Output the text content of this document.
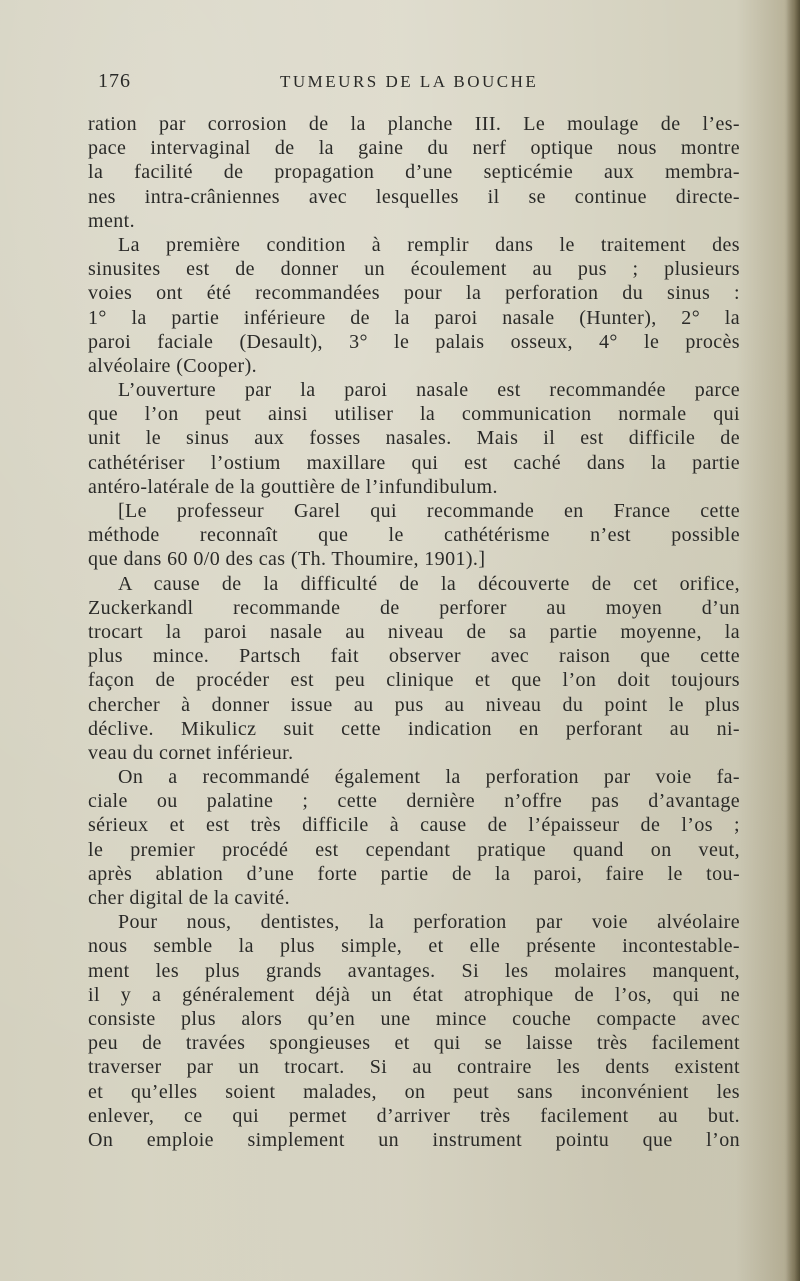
176	TUMEURS DE LA BOUCHE
ration par corrosion de la planche III. Le moulage de l’es-
pace intervaginal de la gaine du nerf optique nous montre
la facilité de propagation d’une septicémie aux membra-
nes intra-crâniennes avec lesquelles il se continue directe-
ment.
La première condition à remplir dans le traitement des
sinusites est de donner un écoulement au pus ; plusieurs
voies ont été recommandées pour la perforation du sinus :
1° la partie inférieure de la paroi nasale (Hunter), 2° la
paroi faciale (Desault), 3° le palais osseux, 4° le procès
alvéolaire (Cooper).
L’ouverture par la paroi nasale est recommandée parce
que l’on peut ainsi utiliser la communication normale qui
unit le sinus aux fosses nasales. Mais il est difficile de
cathétériser l’ostium maxillare qui est caché dans la partie
antéro-latérale de la gouttière de l’infundibulum.
[Le professeur Garel qui recommande en France cette
méthode reconnaît que le cathétérisme n’est possible
que dans 60 0/0 des cas (Th. Thoumire, 1901).]
A cause de la difficulté de la découverte de cet orifice,
Zuckerkandl recommande de perforer au moyen d’un
trocart la paroi nasale au niveau de sa partie moyenne, la
plus mince. Partsch fait observer avec raison que cette
façon de procéder est peu clinique et que l’on doit toujours
chercher à donner issue au pus au niveau du point le plus
déclive. Mikulicz suit cette indication en perforant au ni-
veau du cornet inférieur.
On a recommandé également la perforation par voie fa-
ciale ou palatine ; cette dernière n’offre pas d’avantage
sérieux et est très difficile à cause de l’épaisseur de l’os ;
le premier procédé est cependant pratique quand on veut,
après ablation d’une forte partie de la paroi, faire le tou-
cher digital de la cavité.
Pour nous, dentistes, la perforation par voie alvéolaire
nous semble la plus simple, et elle présente incontestable-
ment les plus grands avantages. Si les molaires manquent,
il y a généralement déjà un état atrophique de l’os, qui ne
consiste plus alors qu’en une mince couche compacte avec
peu de travées spongieuses et qui se laisse très facilement
traverser par un trocart. Si au contraire les dents existent
et qu’elles soient malades, on peut sans inconvénient les
enlever, ce qui permet d’arriver très facilement au but.
On emploie simplement un instrument pointu que l’on
